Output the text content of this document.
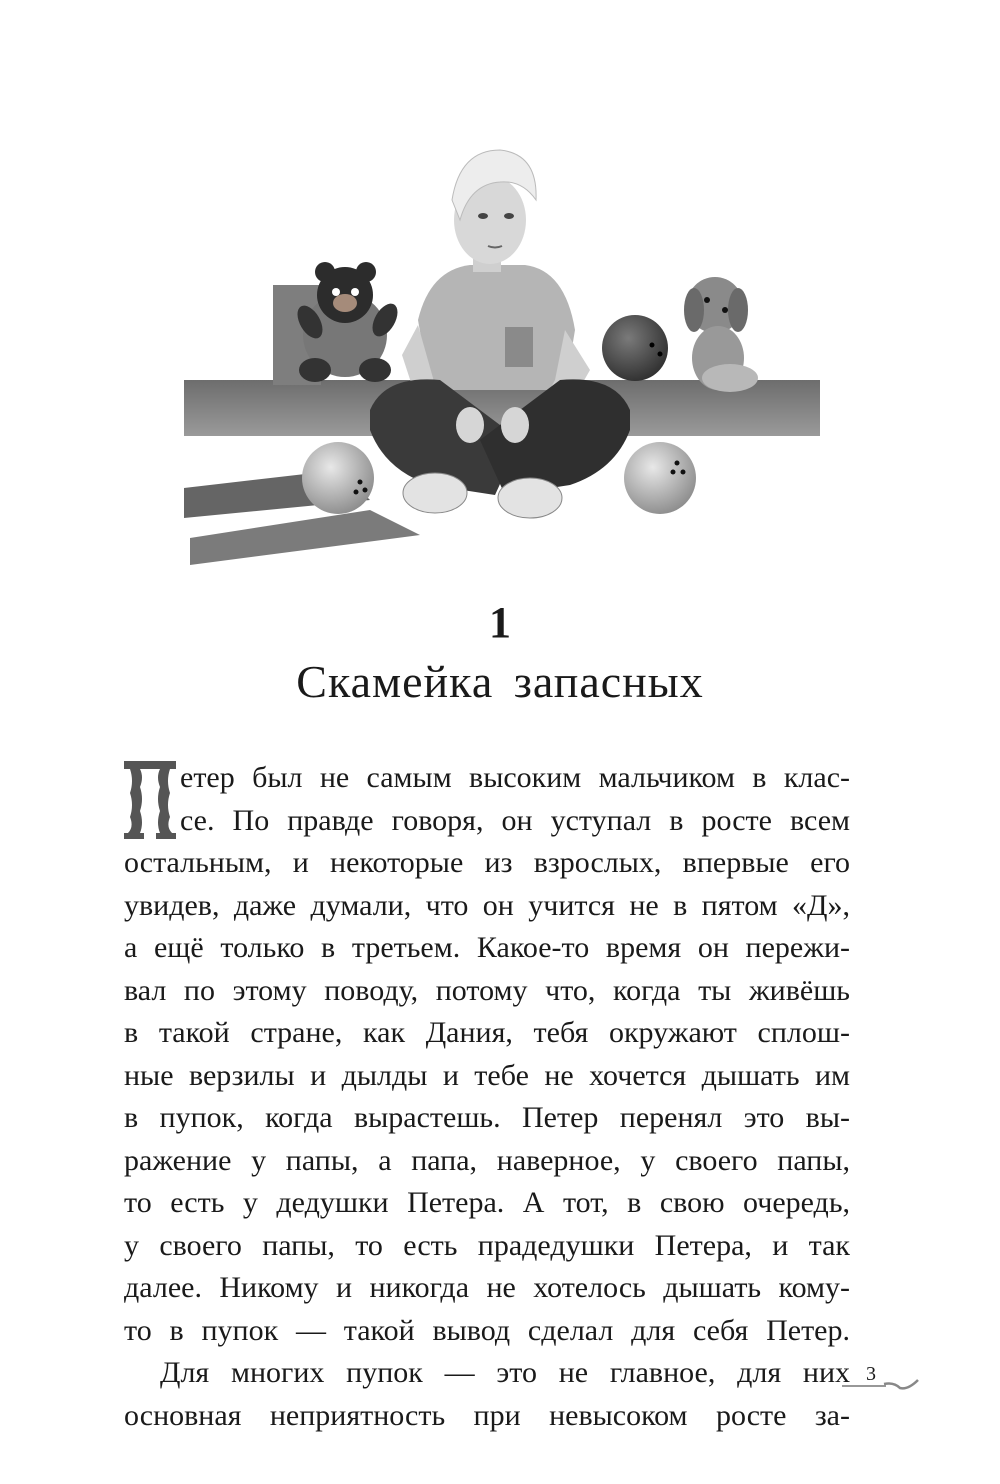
1
Скамейка запасных
етер был не самым высоким мальчиком в клас-
се. По правде говоря, он уступал в росте всем
остальным, и некоторые из взрослых, впервые его
увидев, даже думали, что он учится не в пятом «Д»,
а ещё только в третьем. Какое-то время он пережи-
вал по этому поводу, потому что, когда ты живёшь
в такой стране, как Дания, тебя окружают сплош-
ные верзилы и дылды и тебе не хочется дышать им
в пупок, когда вырастешь. Петер перенял это вы-
ражение у папы, а папа, наверное, у своего папы,
то есть у дедушки Петера. А тот, в свою очередь,
у своего папы, то есть прадедушки Петера, и так
далее. Никому и никогда не хотелось дышать кому-
то в пупок — такой вывод сделал для себя Петер.
Для многих пупок — это не главное, для них
основная неприятность при невысоком росте за-
3
